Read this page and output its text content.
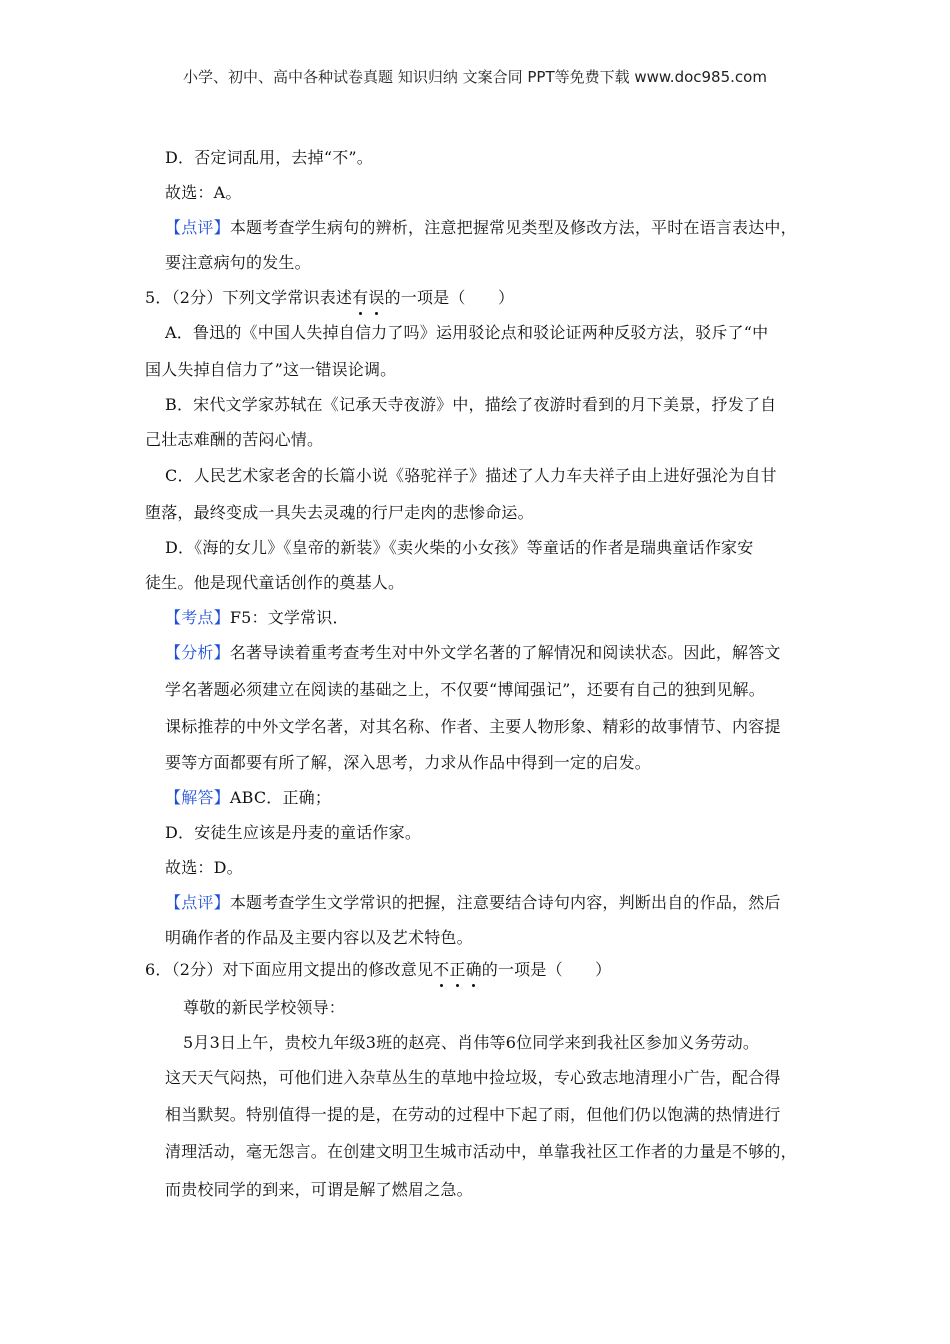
小学、初中、高中各种试卷真题 知识归纳 文案合同 PPT等免费下载 www.doc985.com
D．否定词乱用，去掉“不”。
故选：A。
【点评】本题考查学生病句的辨析，注意把握常见类型及修改方法，平时在语言表达中，
要注意病句的发生。
5．（2分）下列文学常识表述有误的一项是（　　）
A．鲁迅的《中国人失掉自信力了吗》运用驳论点和驳论证两种反驳方法，驳斥了“中
国人失掉自信力了”这一错误论调。
B．宋代文学家苏轼在《记承天寺夜游》中，描绘了夜游时看到的月下美景，抒发了自
己壮志难酬的苦闷心情。
C．人民艺术家老舍的长篇小说《骆驼祥子》描述了人力车夫祥子由上进好强沦为自甘
堕落，最终变成一具失去灵魂的行尸走肉的悲惨命运。
D．《海的女儿》《皇帝的新装》《卖火柴的小女孩》等童话的作者是瑞典童话作家安
徒生。他是现代童话创作的奠基人。
【考点】F5：文学常识．
【分析】名著导读着重考查考生对中外文学名著的了解情况和阅读状态。因此，解答文
学名著题必须建立在阅读的基础之上，不仅要“博闻强记”，还要有自己的独到见解。
课标推荐的中外文学名著，对其名称、作者、主要人物形象、精彩的故事情节、内容提
要等方面都要有所了解，深入思考，力求从作品中得到一定的启发。
【解答】ABC．正确；
D．安徒生应该是丹麦的童话作家。
故选：D。
【点评】本题考查学生文学常识的把握，注意要结合诗句内容，判断出自的作品，然后
明确作者的作品及主要内容以及艺术特色。
6．（2分）对下面应用文提出的修改意见不正确的一项是（　　）
尊敬的新民学校领导：
5月3日上午，贵校九年级3班的赵亮、肖伟等6位同学来到我社区参加义务劳动。
这天天气闷热，可他们进入杂草丛生的草地中捡垃圾，专心致志地清理小广告，配合得
相当默契。特别值得一提的是，在劳动的过程中下起了雨，但他们仍以饱满的热情进行
清理活动，毫无怨言。在创建文明卫生城市活动中，单靠我社区工作者的力量是不够的，
而贵校同学的到来，可谓是解了燃眉之急。
